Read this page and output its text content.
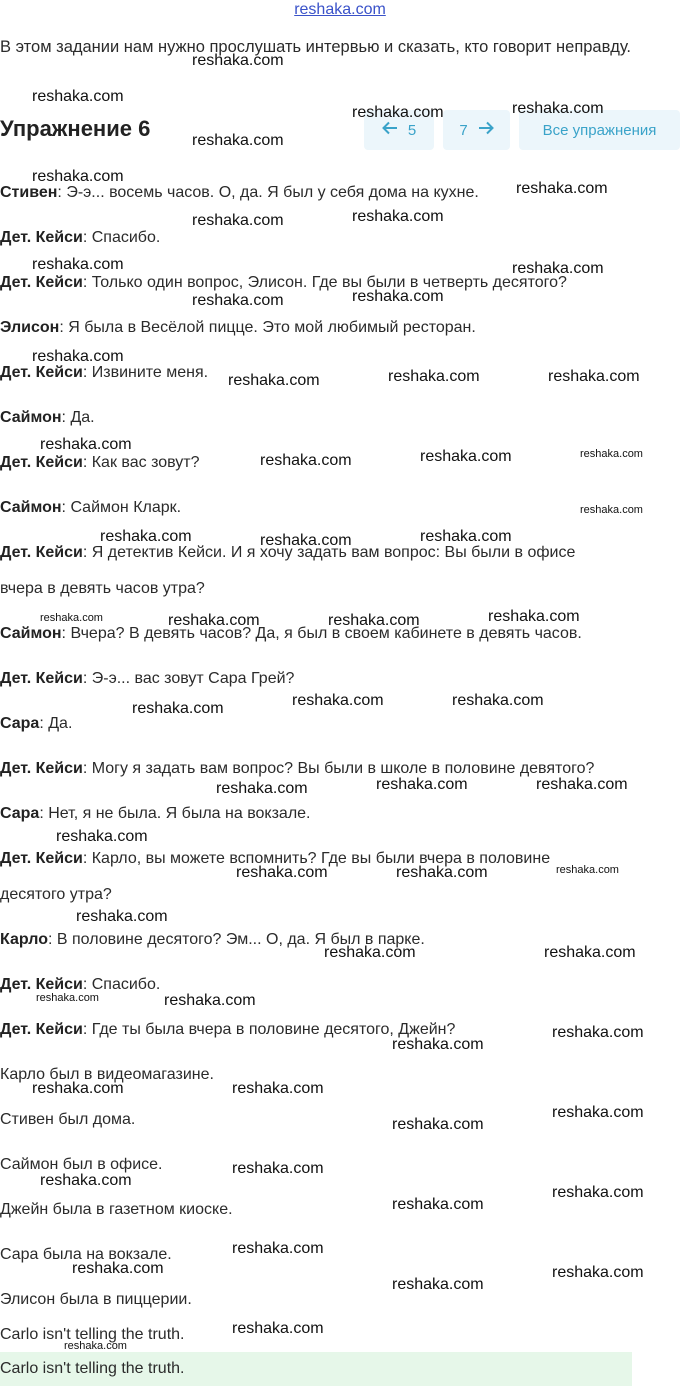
reshaka.com
В этом задании нам нужно прослушать интервью и сказать, кто говорит неправду.
Упражнение 6	5	7	Все упражнения
Стивен: Э-э... восемь часов. О, да. Я был у себя дома на кухне.
Дет. Кейси: Спасибо.
Дет. Кейси: Только один вопрос, Элисон. Где вы были в четверть десятого?
Элисон: Я была в Весёлой пицце. Это мой любимый ресторан.
Дет. Кейси: Извините меня.
Саймон: Да.
Дет. Кейси: Как вас зовут?
Саймон: Саймон Кларк.
Дет. Кейси: Я детектив Кейси. И я хочу задать вам вопрос: Вы были в офисе
вчера в девять часов утра?
Саймон: Вчера? В девять часов? Да, я был в своем кабинете в девять часов.
Дет. Кейси: Э-э... вас зовут Сара Грей?
Сара: Да.
Дет. Кейси: Могу я задать вам вопрос? Вы были в школе в половине девятого?
Сара: Нет, я не была. Я была на вокзале.
Дет. Кейси: Карло, вы можете вспомнить? Где вы были вчера в половине
десятого утра?
Карло: В половине десятого? Эм... О, да. Я был в парке.
Дет. Кейси: Спасибо.
Дет. Кейси: Где ты была вчера в половине десятого, Джейн?
Карло был в видеомагазине.
Стивен был дома.
Саймон был в офисе.
Джейн была в газетном киоске.
Сара была на вокзале.
Элисон была в пиццерии.
Carlo isn't telling the truth.
Carlo isn't telling the truth.
reshaka.com
reshaka.com
reshaka.com	reshaka.com
reshaka.com
reshaka.com
reshaka.com
reshaka.com	reshaka.com
reshaka.com	reshaka.com
reshaka.com	reshaka.com
reshaka.com
reshaka.com	reshaka.com	reshaka.com
reshaka.com
reshaka.com	reshaka.com	reshaka.com
reshaka.com
reshaka.com	reshaka.com	reshaka.com
reshaka.com	reshaka.com	reshaka.com	reshaka.com
reshaka.com	reshaka.com
reshaka.com
reshaka.com	reshaka.com	reshaka.com
reshaka.com
reshaka.com	reshaka.com	reshaka.com
reshaka.com
reshaka.com	reshaka.com
reshaka.com	reshaka.com
reshaka.com
reshaka.com
reshaka.com	reshaka.com
reshaka.com
reshaka.com
reshaka.com
reshaka.com
reshaka.com
reshaka.com
reshaka.com
reshaka.com	reshaka.com
reshaka.com
reshaka.com
reshaka.com
